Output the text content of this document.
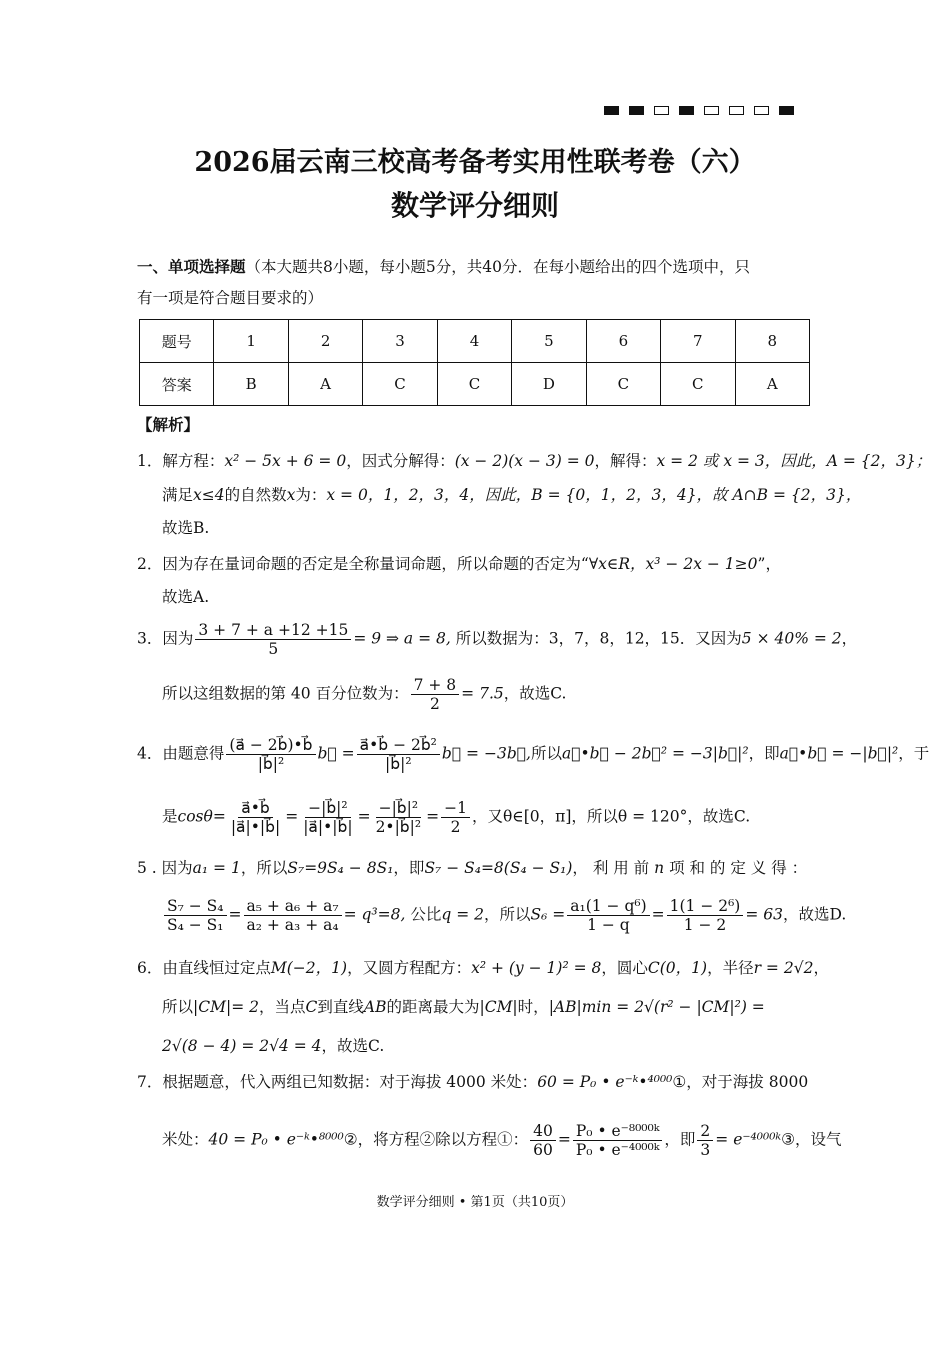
2026届云南三校高考备考实用性联考卷（六）
数学评分细则
一、单项选择题（本大题共8小题，每小题5分，共40分．在每小题给出的四个选项中，只
有一项是符合题目要求的）
题号	1	2	3	4	5	6	7	8
答案	B	A	C	C	D	C	C	A
【解析】
1．解方程：x² − 5x + 6 = 0，因式分解得：(x − 2)(x − 3) = 0，解得：x = 2 或 x = 3，因此，A = {2，3}；
满足x≤4的自然数x为：x = 0，1，2，3，4，因此，B = {0，1，2，3，4}，故 A∩B = {2，3}，
故选B.
2．因为存在量词命题的否定是全称量词命题，所以命题的否定为“∀x∈R，x³ − 2x − 1≥0”，
故选A.
3．因为 $\frac{3 + 7 + a +12 +15}{5} = 9$ ⇒ a = 8, 所以数据为：3，7，8，12，15．又因为5 × 40% = 2，
所以这组数据的第 40 百分位数为： $\frac{7 + 8}{2} = 7.5$，故选C.
4．由题意得 $\frac{(a⃗ - 2b⃗)•b⃗}{\text{|b⃗|²}}$ b⃗ = $\frac{\text{a⃗•b⃗ − 2b⃗²}}{\text{|b⃗|²}}$ b⃗ = −3b⃗,所以a⃗•b⃗ − 2b⃗² = −3|b⃗|²，即a⃗•b⃗ = −|b⃗|²，于
是$\cos\theta= \frac{a⃗•b⃗}{|a⃗|•|b⃗|} = \frac{\text{−|b⃗|²}}{|a⃗|•|b⃗|} = \frac{\text{−|b⃗|²}}{\text{2•|b⃗|²}} = \frac{-1}{2}$ ，又θ∈[0，π]，所以θ = 120°，故选C.
5 . 因为a₁ = 1，所以S₇=9S₄ − 8S₁，即S₇ − S₄=8(S₄ − S₁)， 利 用 前 n 项 和 的 定 义 得 ：
$\frac{\text{S₇ − S₄}}{\text{S₄ − S₁}} = \frac{\text{a₅ + a₆ + a₇}}{\text{a₂ + a₃ + a₄}} = q^3=8$, 公比q = 2，所以$S_6 = \frac{\text{a₁(1 − q⁶)}}{1 - q} = \frac{\text{1(1 − 2⁶)}}{1 - 2} = 63$，故选D.
6．由直线恒过定点M(−2，1)，又圆方程配方：x² + (y − 1)² = 8，圆心C(0，1)，半径r = 2√2，
所以|CM|= 2，当点C到直线AB的距离最大为|CM|时，|AB|min = 2√(r² − |CM|²) =
2√(8 − 4) = 2√4 = 4，故选C.
7．根据题意，代入两组已知数据：对于海拔 4000 米处：60 = P₀ • e⁻ᵏ•⁴⁰⁰⁰①，对于海拔 8000
米处：40 = P₀ • e⁻ᵏ•⁸⁰⁰⁰②，将方程②除以方程①： $\frac{40}{60} = \frac{\text{P₀ • e⁻⁸⁰⁰⁰ᵏ}}{\text{P₀ • e⁻⁴⁰⁰⁰ᵏ}}$ ，即 $\frac{2}{3}$ = e⁻⁴⁰⁰⁰ᵏ③，设气
数学评分细则 • 第1页（共10页）
